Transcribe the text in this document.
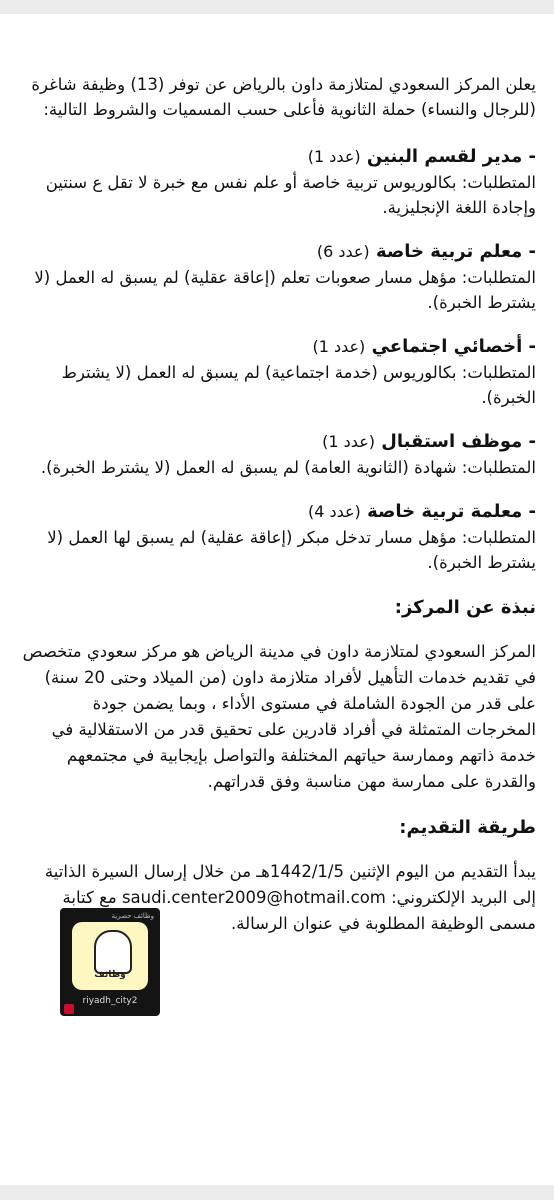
يعلن المركز السعودي لمتلازمة داون بالرياض عن توفر (13) وظيفة شاغرة (للرجال والنساء) حملة الثانوية فأعلى حسب المسميات والشروط التالية:

- مدير لقسم البنين (عدد 1)

المتطلبات: بكالوريوس تربية خاصة أو علم نفس مع خبرة لا تقل ع سنتين وإجادة اللغة الإنجليزية.

- معلم تربية خاصة (عدد 6)

المتطلبات: مؤهل مسار صعوبات تعلم (إعاقة عقلية) لم يسبق له العمل (لا يشترط الخبرة).

- أخصائي اجتماعي (عدد 1)

المتطلبات: بكالوريوس (خدمة اجتماعية) لم يسبق له العمل (لا يشترط الخبرة).

- موظف استقبال (عدد 1)

المتطلبات: شهادة (الثانوية العامة) لم يسبق له العمل (لا يشترط الخبرة).

- معلمة تربية خاصة (عدد 4)

المتطلبات: مؤهل مسار تدخل مبكر (إعاقة عقلية) لم يسبق لها العمل (لا يشترط الخبرة).

نبذة عن المركز:

المركز السعودي لمتلازمة داون في مدينة الرياض هو مركز سعودي متخصص في تقديم خدمات التأهيل لأفراد متلازمة داون (من الميلاد وحتى 20 سنة) على قدر من الجودة الشاملة في مستوى الأداء ، وبما يضمن جودة المخرجات المتمثلة في أفراد قادرين على تحقيق قدر من الاستقلالية في خدمة ذاتهم وممارسة حياتهم المختلفة والتواصل بإيجابية في مجتمعهم والقدرة على ممارسة مهن مناسبة وفق قدراتهم.

طريقة التقديم:

يبدأ التقديم من اليوم الإثنين 1442/1/5هـ من خلال إرسال السيرة الذاتية إلى البريد الإلكتروني: saudi.center2009@hotmail.com مع كتابة مسمى الوظيفة المطلوبة في عنوان الرسالة.

وظائف حصرية
وظائف
riyadh_city2
